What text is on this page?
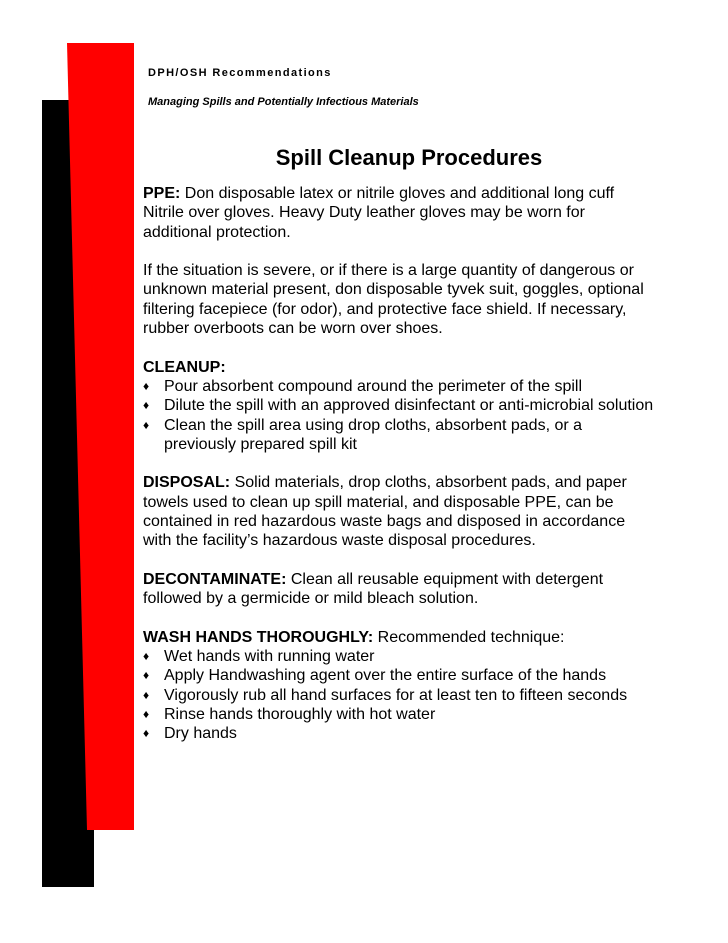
DPH/OSH Recommendations
Managing Spills and Potentially Infectious Materials
Spill Cleanup Procedures
PPE: Don disposable latex or nitrile gloves and additional long cuff
Nitrile over gloves. Heavy Duty leather gloves may be worn for
additional protection.
If the situation is severe, or if there is a large quantity of dangerous or
unknown material present, don disposable tyvek suit, goggles, optional
filtering facepiece (for odor), and protective face shield. If necessary,
rubber overboots can be worn over shoes.
CLEANUP:
♦ Pour absorbent compound around the perimeter of the spill
♦ Dilute the spill with an approved disinfectant or anti-microbial solution
♦ Clean the spill area using drop cloths, absorbent pads, or a
previously prepared spill kit
DISPOSAL: Solid materials, drop cloths, absorbent pads, and paper
towels used to clean up spill material, and disposable PPE, can be
contained in red hazardous waste bags and disposed in accordance
with the facility’s hazardous waste disposal procedures.
DECONTAMINATE: Clean all reusable equipment with detergent
followed by a germicide or mild bleach solution.
WASH HANDS THOROUGHLY: Recommended technique:
♦ Wet hands with running water
♦ Apply Handwashing agent over the entire surface of the hands
♦ Vigorously rub all hand surfaces for at least ten to fifteen seconds
♦ Rinse hands thoroughly with hot water
♦ Dry hands
